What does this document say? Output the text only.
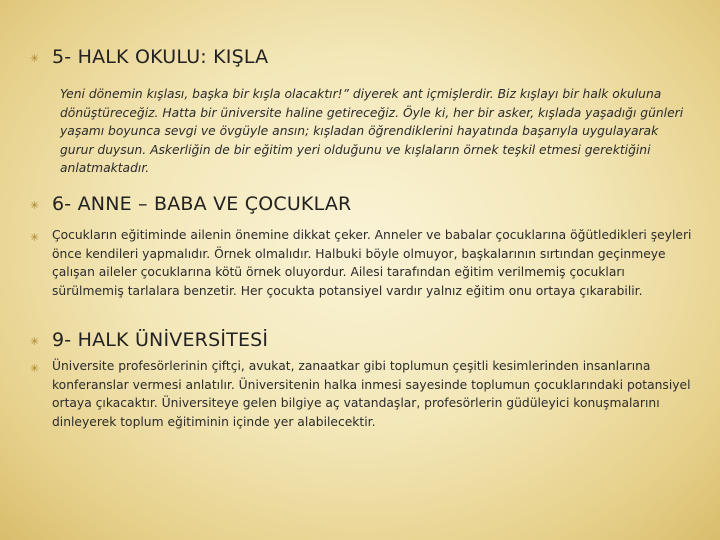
✳ 5- HALK OKULU: KIŞLA
Yeni dönemin kışlası, başka bir kışla olacaktır!” diyerek ant içmişlerdir. Biz kışlayı bir halk okuluna dönüştüreceğiz. Hatta bir üniversite haline getireceğiz. Öyle ki, her bir asker, kışlada yaşadığı günleri yaşamı boyunca sevgi ve övgüyle ansın; kışladan öğrendiklerini hayatında başarıyla uygulayarak gurur duysun. Askerliğin de bir eğitim yeri olduğunu ve kışlaların örnek teşkil etmesi gerektiğini anlatmaktadır.
✳ 6- ANNE – BABA VE ÇOCUKLAR
✳	Çocukların eğitiminde ailenin önemine dikkat çeker. Anneler ve babalar çocuklarına öğütledikleri şeyleri önce kendileri yapmalıdır. Örnek olmalıdır. Halbuki böyle olmuyor, başkalarının sırtından geçinmeye çalışan aileler çocuklarına kötü örnek oluyordur. Ailesi tarafından eğitim verilmemiş çocukları sürülmemiş tarlalara benzetir. Her çocukta potansiyel vardır yalnız eğitim onu ortaya çıkarabilir.
✳ 9- HALK ÜNİVERSİTESİ
✳	Üniversite profesörlerinin çiftçi, avukat, zanaatkar gibi toplumun çeşitli kesimlerinden insanlarına konferanslar vermesi anlatılır. Üniversitenin halka inmesi sayesinde toplumun çocuklarındaki potansiyel ortaya çıkacaktır. Üniversiteye gelen bilgiye aç vatandaşlar, profesörlerin güdüleyici konuşmalarını dinleyerek toplum eğitiminin içinde yer alabilecektir.
